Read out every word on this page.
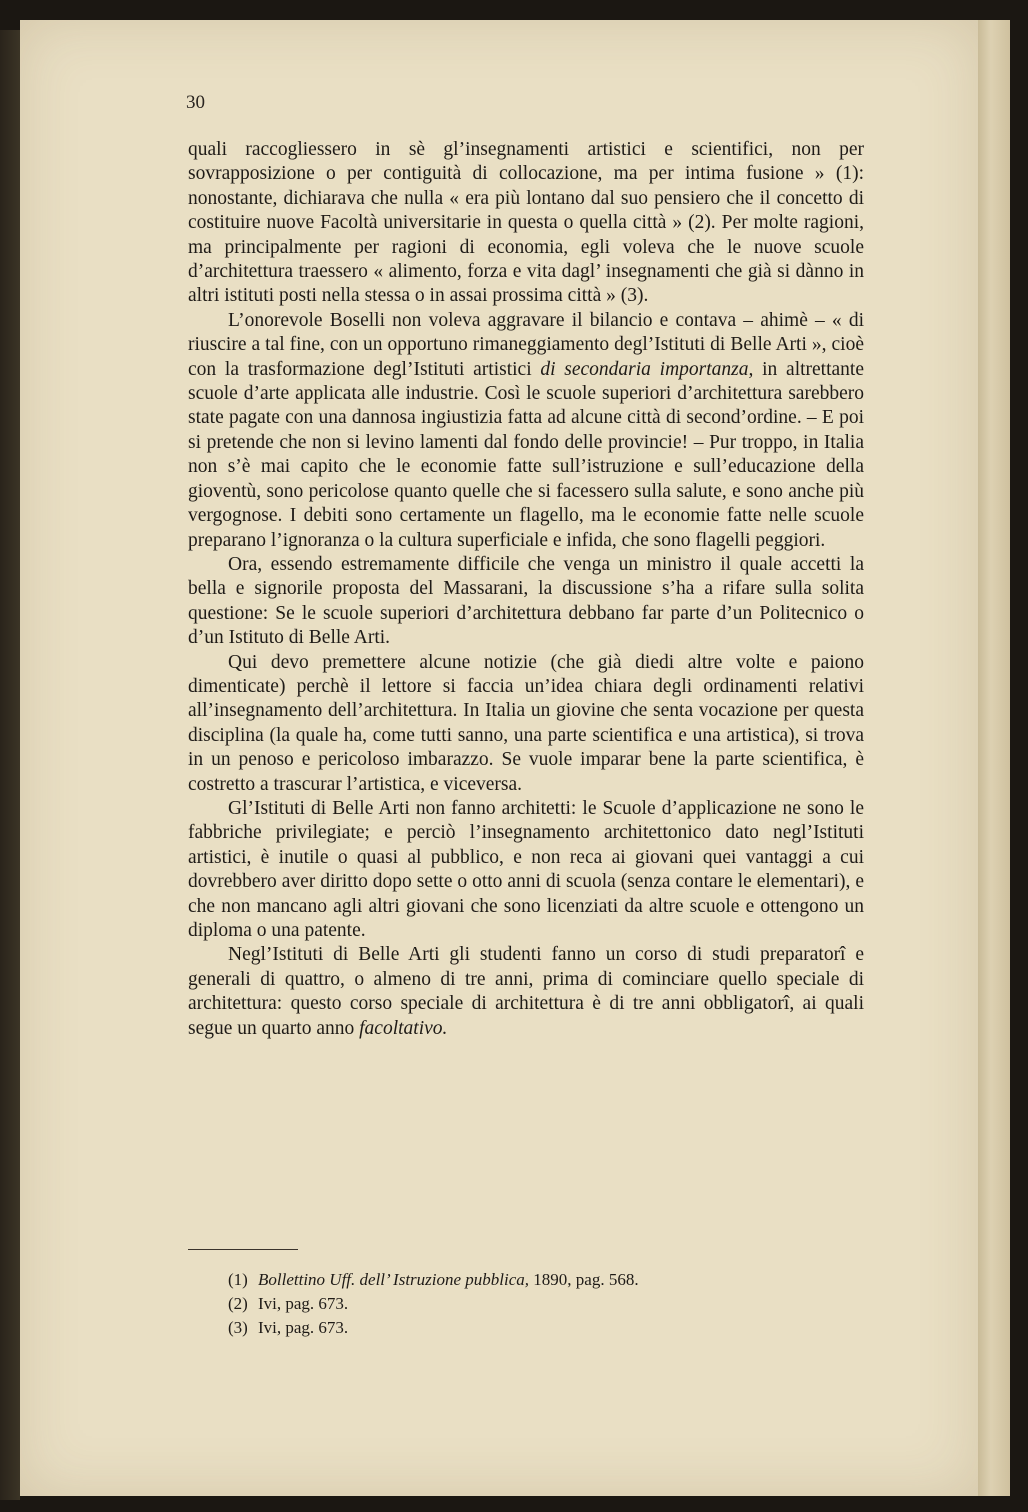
30

quali raccogliessero in sè gl’insegnamenti artistici e scientifici, non per sovrapposizione o per contiguità di collocazione, ma per intima fusione » (1): nonostante, dichiarava che nulla « era più lontano dal suo pensiero che il concetto di costituire nuove Facoltà universitarie in questa o quella città » (2). Per molte ragioni, ma principalmente per ragioni di economia, egli voleva che le nuove scuole d’architettura traessero « alimento, forza e vita dagl’ insegnamenti che già si dànno in altri istituti posti nella stessa o in assai prossima città » (3).

L’onorevole Boselli non voleva aggravare il bilancio e contava – ahimè – « di riuscire a tal fine, con un opportuno rimaneggiamento degl’Istituti di Belle Arti », cioè con la trasformazione degl’Istituti artistici di secondaria importanza, in altrettante scuole d’arte applicata alle industrie. Così le scuole superiori d’architettura sarebbero state pagate con una dannosa ingiustizia fatta ad alcune città di second’ordine. – E poi si pretende che non si levino lamenti dal fondo delle provincie! – Pur troppo, in Italia non s’è mai capito che le economie fatte sull’istruzione e sull’educazione della gioventù, sono pericolose quanto quelle che si facessero sulla salute, e sono anche più vergognose. I debiti sono certamente un flagello, ma le economie fatte nelle scuole preparano l’ignoranza o la cultura superficiale e infida, che sono flagelli peggiori.

Ora, essendo estremamente difficile che venga un ministro il quale accetti la bella e signorile proposta del Massarani, la discussione s’ha a rifare sulla solita questione: Se le scuole superiori d’architettura debbano far parte d’un Politecnico o d’un Istituto di Belle Arti.

Qui devo premettere alcune notizie (che già diedi altre volte e paiono dimenticate) perchè il lettore si faccia un’idea chiara degli ordinamenti relativi all’insegnamento dell’architettura. In Italia un giovine che senta vocazione per questa disciplina (la quale ha, come tutti sanno, una parte scientifica e una artistica), si trova in un penoso e pericoloso imbarazzo. Se vuole imparar bene la parte scientifica, è costretto a trascurar l’artistica, e viceversa.

Gl’Istituti di Belle Arti non fanno architetti: le Scuole d’applicazione ne sono le fabbriche privilegiate; e perciò l’insegnamento architettonico dato negl’Istituti artistici, è inutile o quasi al pubblico, e non reca ai giovani quei vantaggi a cui dovrebbero aver diritto dopo sette o otto anni di scuola (senza contare le elementari), e che non mancano agli altri giovani che sono licenziati da altre scuole e ottengono un diploma o una patente.

Negl’Istituti di Belle Arti gli studenti fanno un corso di studi preparatorî e generali di quattro, o almeno di tre anni, prima di cominciare quello speciale di architettura: questo corso speciale di architettura è di tre anni obbligatorî, ai quali segue un quarto anno facoltativo.

(1) Bollettino Uff. dell’ Istruzione pubblica, 1890, pag. 568.
(2) Ivi, pag. 673.
(3) Ivi, pag. 673.
